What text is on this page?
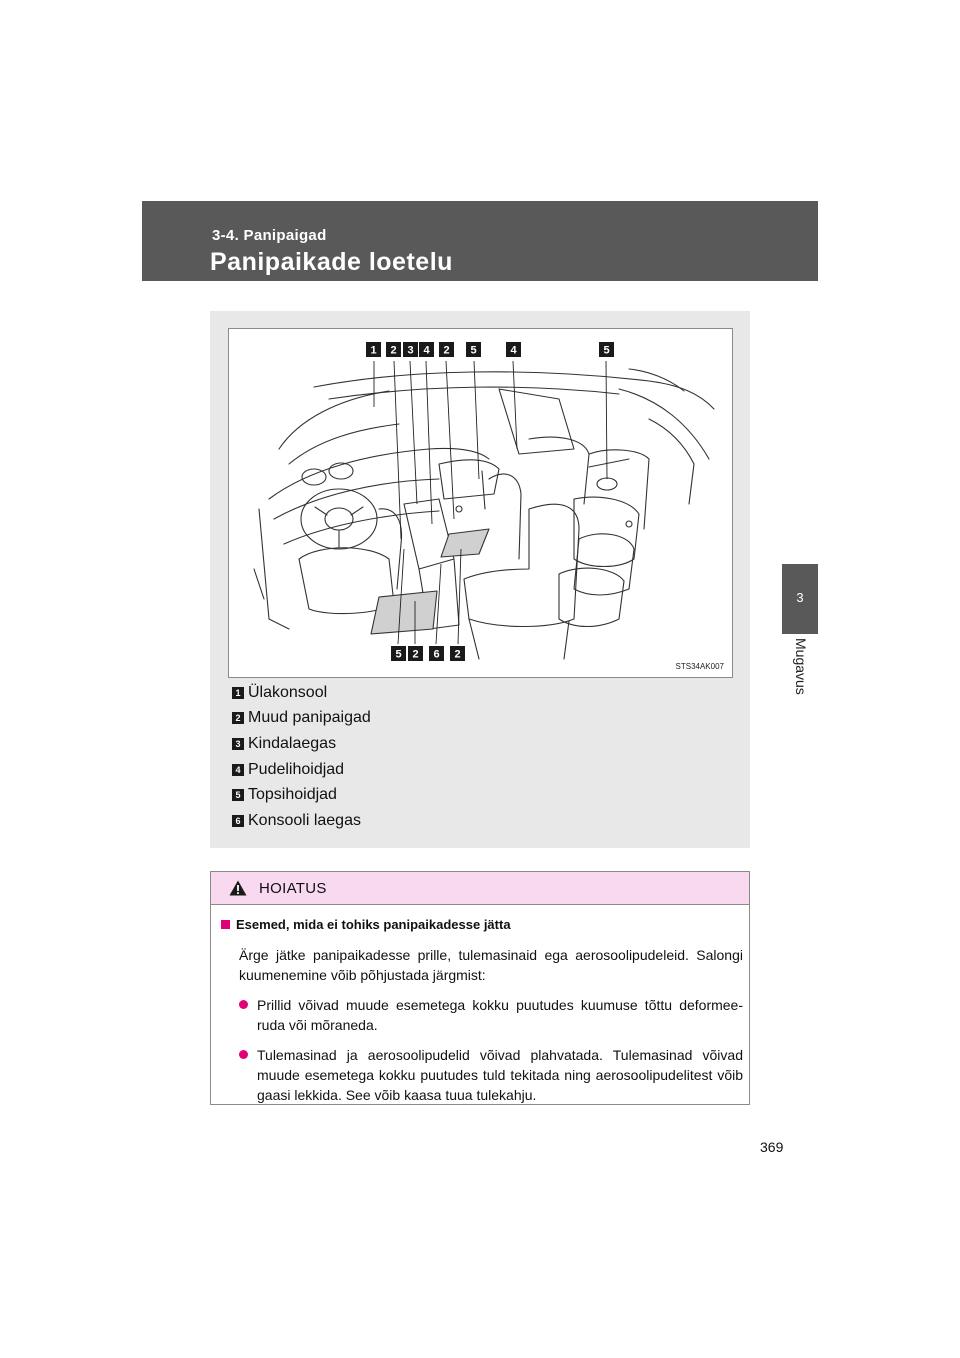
3-4. Panipaigad
Panipaikade loetelu
3
Mugavus
1 2 3 4 2 5	4	5
5 2 6 2
STS34AK007
1 Ülakonsool
2 Muud panipaigad
3 Kindalaegas
4 Pudelihoidjad
5 Topsihoidjad
6 Konsooli laegas
HOIATUS
Esemed, mida ei tohiks panipaikadesse jätta
Ärge jätke panipaikadesse prille, tulemasinaid ega aerosoolipudeleid. Salongi kuumenemine võib põhjustada järgmist:
Prillid võivad muude esemetega kokku puutudes kuumuse tõttu deformee-ruda või mõraneda.
Tulemasinad ja aerosoolipudelid võivad plahvatada. Tulemasinad võivad muude esemetega kokku puutudes tuld tekitada ning aerosoolipudelitest võib gaasi lekkida. See võib kaasa tuua tulekahju.
369
